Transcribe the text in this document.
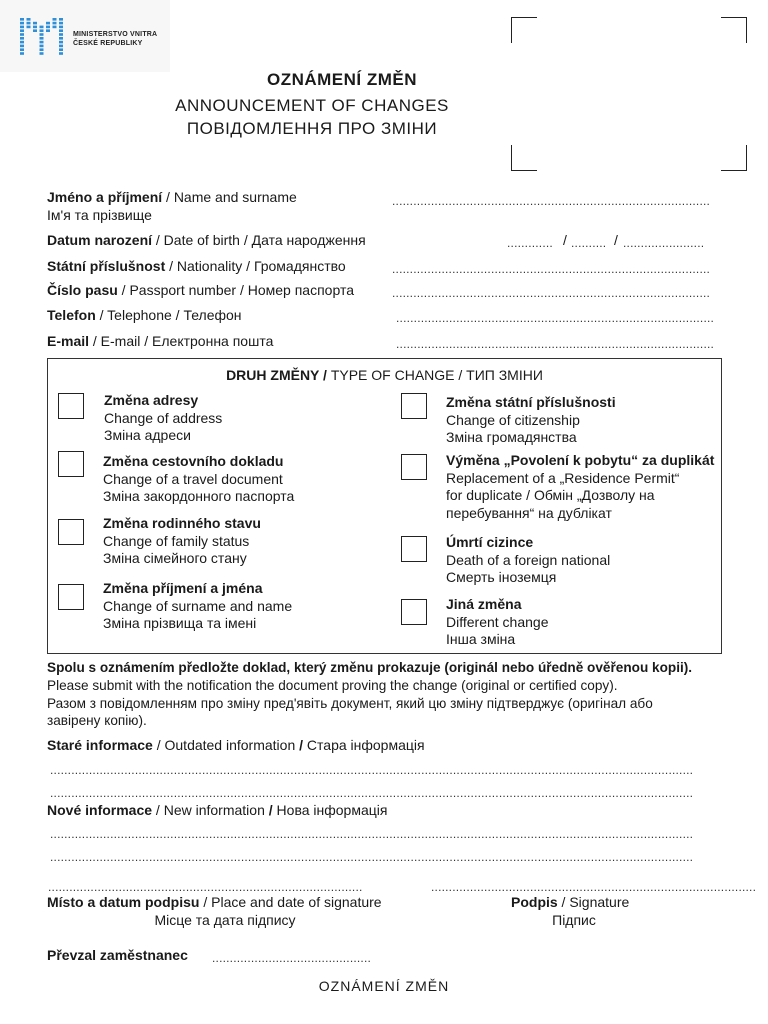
MINISTERSTVO VNITRA
ČESKÉ REPUBLIKY
OZNÁMENÍ ZMĚN
ANNOUNCEMENT OF CHANGES
ПОВІДОМЛЕННЯ ПРО ЗМІНИ
Jméno a příjmení / Name and surname
Ім'я та прізвище
..........................................................................................
Datum narození / Date of birth / Дата народження	............. / .......... / .......................
Státní příslušnost / Nationality / Громадянство	..........................................................................................
Číslo pasu / Passport number / Номер паспорта	..........................................................................................
Telefon / Telephone / Телефон	..........................................................................................
E-mail / E-mail / Електронна пошта	..........................................................................................
DRUH ZMĚNY / TYPE OF CHANGE / ТИП ЗМІНИ
Změna adresy
Change of address
Зміна адреси
Změna cestovního dokladu
Change of a travel document
Зміна закордонного паспорта
Změna rodinného stavu
Change of family status
Зміна сімейного стану
Změna příjmení a jména
Change of surname and name
Зміна прізвища та імені
Změna státní příslušnosti
Change of citizenship
Зміна громадянства
Výměna „Povolení k pobytu“ za duplikát
Replacement of a „Residence Permit“
for duplicate / Обмін „Дозволу на
перебування“ на дублікат
Úmrtí cizince
Death of a foreign national
Смерть іноземця
Jiná změna
Different change
Інша зміна
Spolu s oznámením předložte doklad, který změnu prokazuje (originál nebo úředně ověřenou kopii).
Please submit with the notification the document proving the change (original or certified copy).
Разом з повідомленням про зміну пред'явіть документ, який цю зміну підтверджує (оригінал або
завірену копію).
Staré informace / Outdated information / Стара інформація
......................................................................................................................................................................................
......................................................................................................................................................................................
Nové informace / New information / Нова інформація
......................................................................................................................................................................................
......................................................................................................................................................................................
.........................................................................................	............................................................................................
Místo a datum podpisu / Place and date of signature
Місце та дата підпису
Podpis / Signature
Підпис
Převzal zaměstnanec .............................................
OZNÁMENÍ ZMĚN
